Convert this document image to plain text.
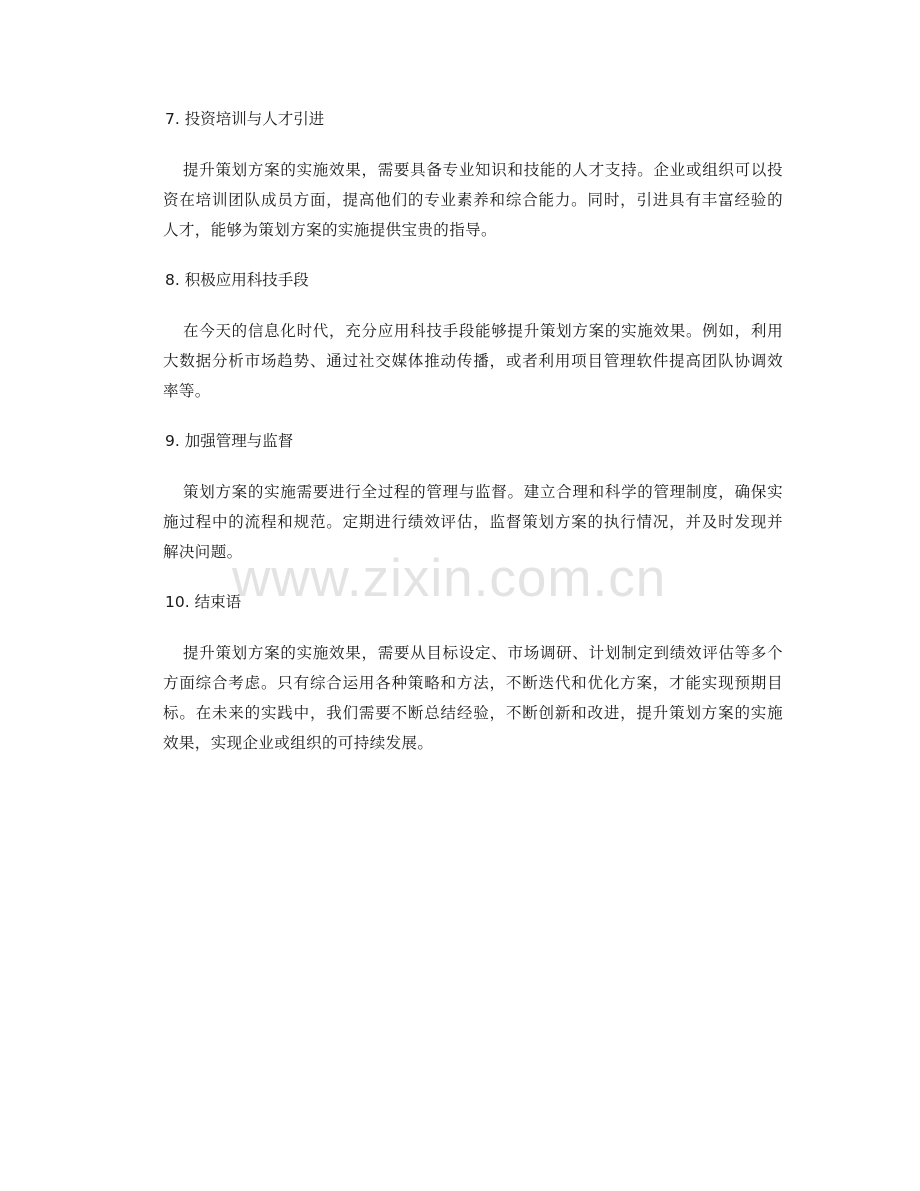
7. 投资培训与人才引进

提升策划方案的实施效果，需要具备专业知识和技能的人才支持。企业或组织可以投资在培训团队成员方面，提高他们的专业素养和综合能力。同时，引进具有丰富经验的人才，能够为策划方案的实施提供宝贵的指导。

8. 积极应用科技手段

在今天的信息化时代，充分应用科技手段能够提升策划方案的实施效果。例如，利用大数据分析市场趋势、通过社交媒体推动传播，或者利用项目管理软件提高团队协调效率等。

9. 加强管理与监督

策划方案的实施需要进行全过程的管理与监督。建立合理和科学的管理制度，确保实施过程中的流程和规范。定期进行绩效评估，监督策划方案的执行情况，并及时发现并解决问题。

10. 结束语

提升策划方案的实施效果，需要从目标设定、市场调研、计划制定到绩效评估等多个方面综合考虑。只有综合运用各种策略和方法，不断迭代和优化方案，才能实现预期目标。在未来的实践中，我们需要不断总结经验，不断创新和改进，提升策划方案的实施效果，实现企业或组织的可持续发展。

www.zixin.com.cn
